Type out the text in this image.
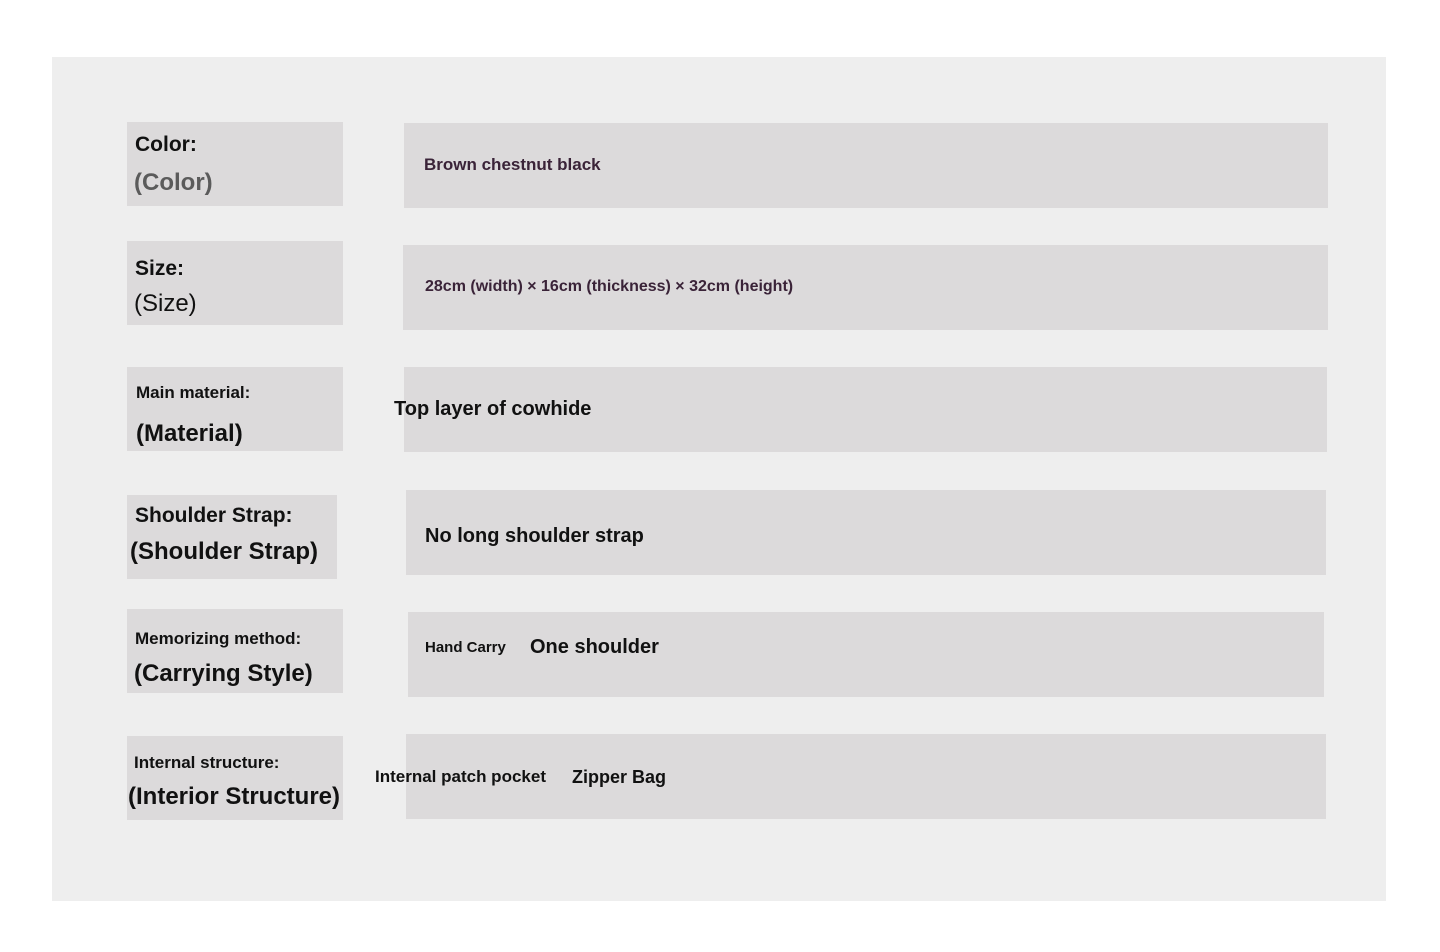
Color:
(Color)
Brown chestnut black
Size:
(Size)
28cm (width) × 16cm (thickness) × 32cm (height)
Main material:
(Material)
Top layer of cowhide
Shoulder Strap:
(Shoulder Strap)
No long shoulder strap
Memorizing method:
(Carrying Style)
Hand Carry One shoulder
Internal structure:
(Interior Structure)
Internal patch pocket Zipper Bag
